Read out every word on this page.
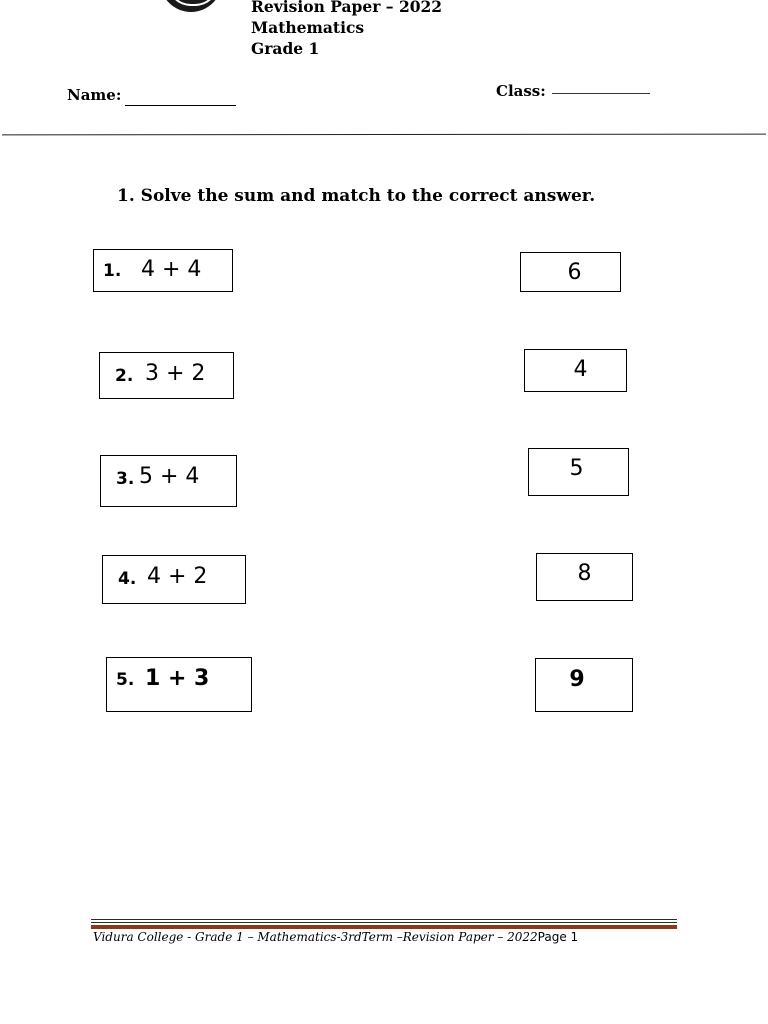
Revision Paper – 2022
Mathematics
Grade 1
Name:	Class:
1. Solve the sum and match to the correct answer.
1. 4 + 4
2. 3 + 2
3. 5 + 4
4. 4 + 2
5. 1 + 3
6
4
5
8
9
Vidura College - Grade 1 – Mathematics-3rdTerm –Revision Paper – 2022Page 1
